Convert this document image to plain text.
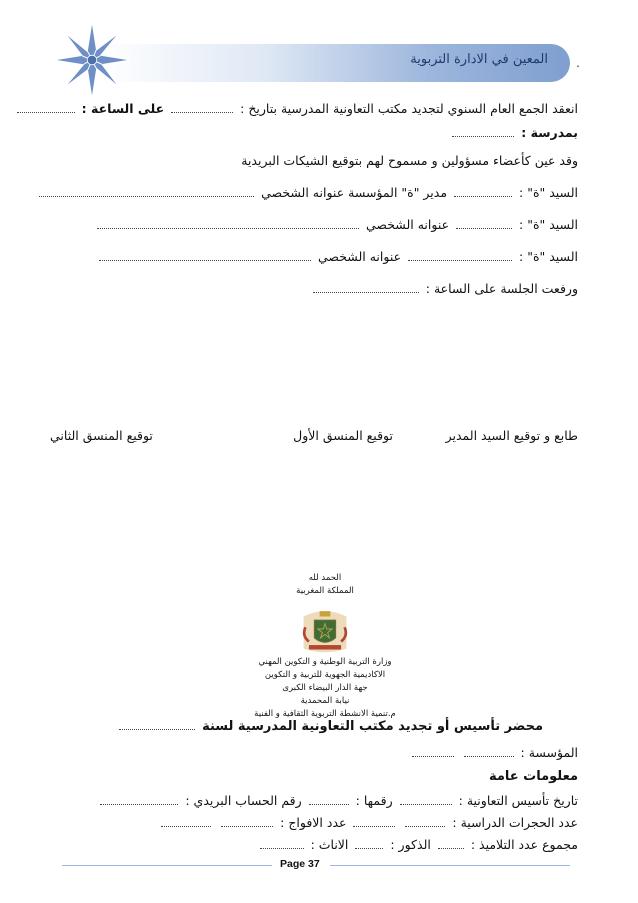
المعين في الادارة التربوية .
انعقد الجمع العام السنوي لتجديد مكتب التعاونية المدرسية بتاريخ :  على الساعة :
بمدرسة :
وقد عين كأعضاء مسؤولين و مسموح لهم بتوقيع الشيكات البريدية
السيد "ة" :  مدير "ة" المؤسسة عنوانه الشخصي
السيد "ة" :  عنوانه الشخصي
السيد "ة" :  عنوانه الشخصي
ورفعت الجلسة على الساعة :
طابع و توقيع السيد المدير
توقيع المنسق الأول
توقيع المنسق الثاني
الحمد لله
المملكة المغربية
وزارة التربية الوطنية و التكوين المهني
الاكاديمية الجهوية للتربية و التكوين
جهة الدار البيضاء الكبرى
نيابة المحمدية
م.تنمية الانشطة التربوية الثقافية و الفنية
محضر تأسيس أو تجديد مكتب التعاونية المدرسية لسنة
المؤسسة :
معلومات عامة
تاريخ تأسيس التعاونية :  رقمها :  رقم الحساب البريدي :
عدد الحجرات الدراسية :   عدد الافواج :
مجموع عدد التلاميذ :  الذكور :  الاناث :
Page 37
